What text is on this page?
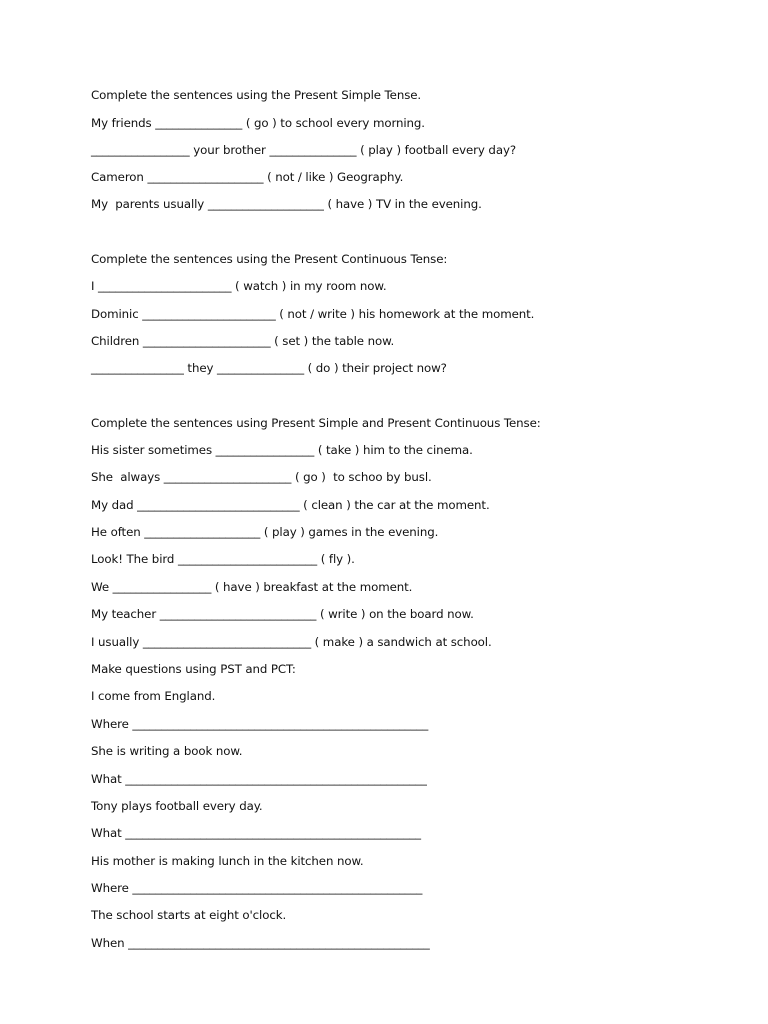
Complete the sentences using the Present Simple Tense.

My friends _______________ ( go ) to school every morning.

_________________ your brother _______________ ( play ) football every day?

Cameron ____________________ ( not / like ) Geography.

My  parents usually ____________________ ( have ) TV in the evening.

Complete the sentences using the Present Continuous Tense:

I _______________________ ( watch ) in my room now.

Dominic _______________________ ( not / write ) his homework at the moment.

Children ______________________ ( set ) the table now.

________________ they _______________ ( do ) their project now?

Complete the sentences using Present Simple and Present Continuous Tense:

His sister sometimes _________________ ( take ) him to the cinema.

She  always ______________________ ( go )  to schoo by busl.

My dad ____________________________ ( clean ) the car at the moment.

He often ____________________ ( play ) games in the evening.

Look! The bird ________________________ ( fly ).

We _________________ ( have ) breakfast at the moment.

My teacher ___________________________ ( write ) on the board now.

I usually _____________________________ ( make ) a sandwich at school.

Make questions using PST and PCT:

I come from England.

Where ___________________________________________________

She is writing a book now.

What ____________________________________________________

Tony plays football every day.

What ___________________________________________________

His mother is making lunch in the kitchen now.

Where __________________________________________________

The school starts at eight o'clock.

When ____________________________________________________
